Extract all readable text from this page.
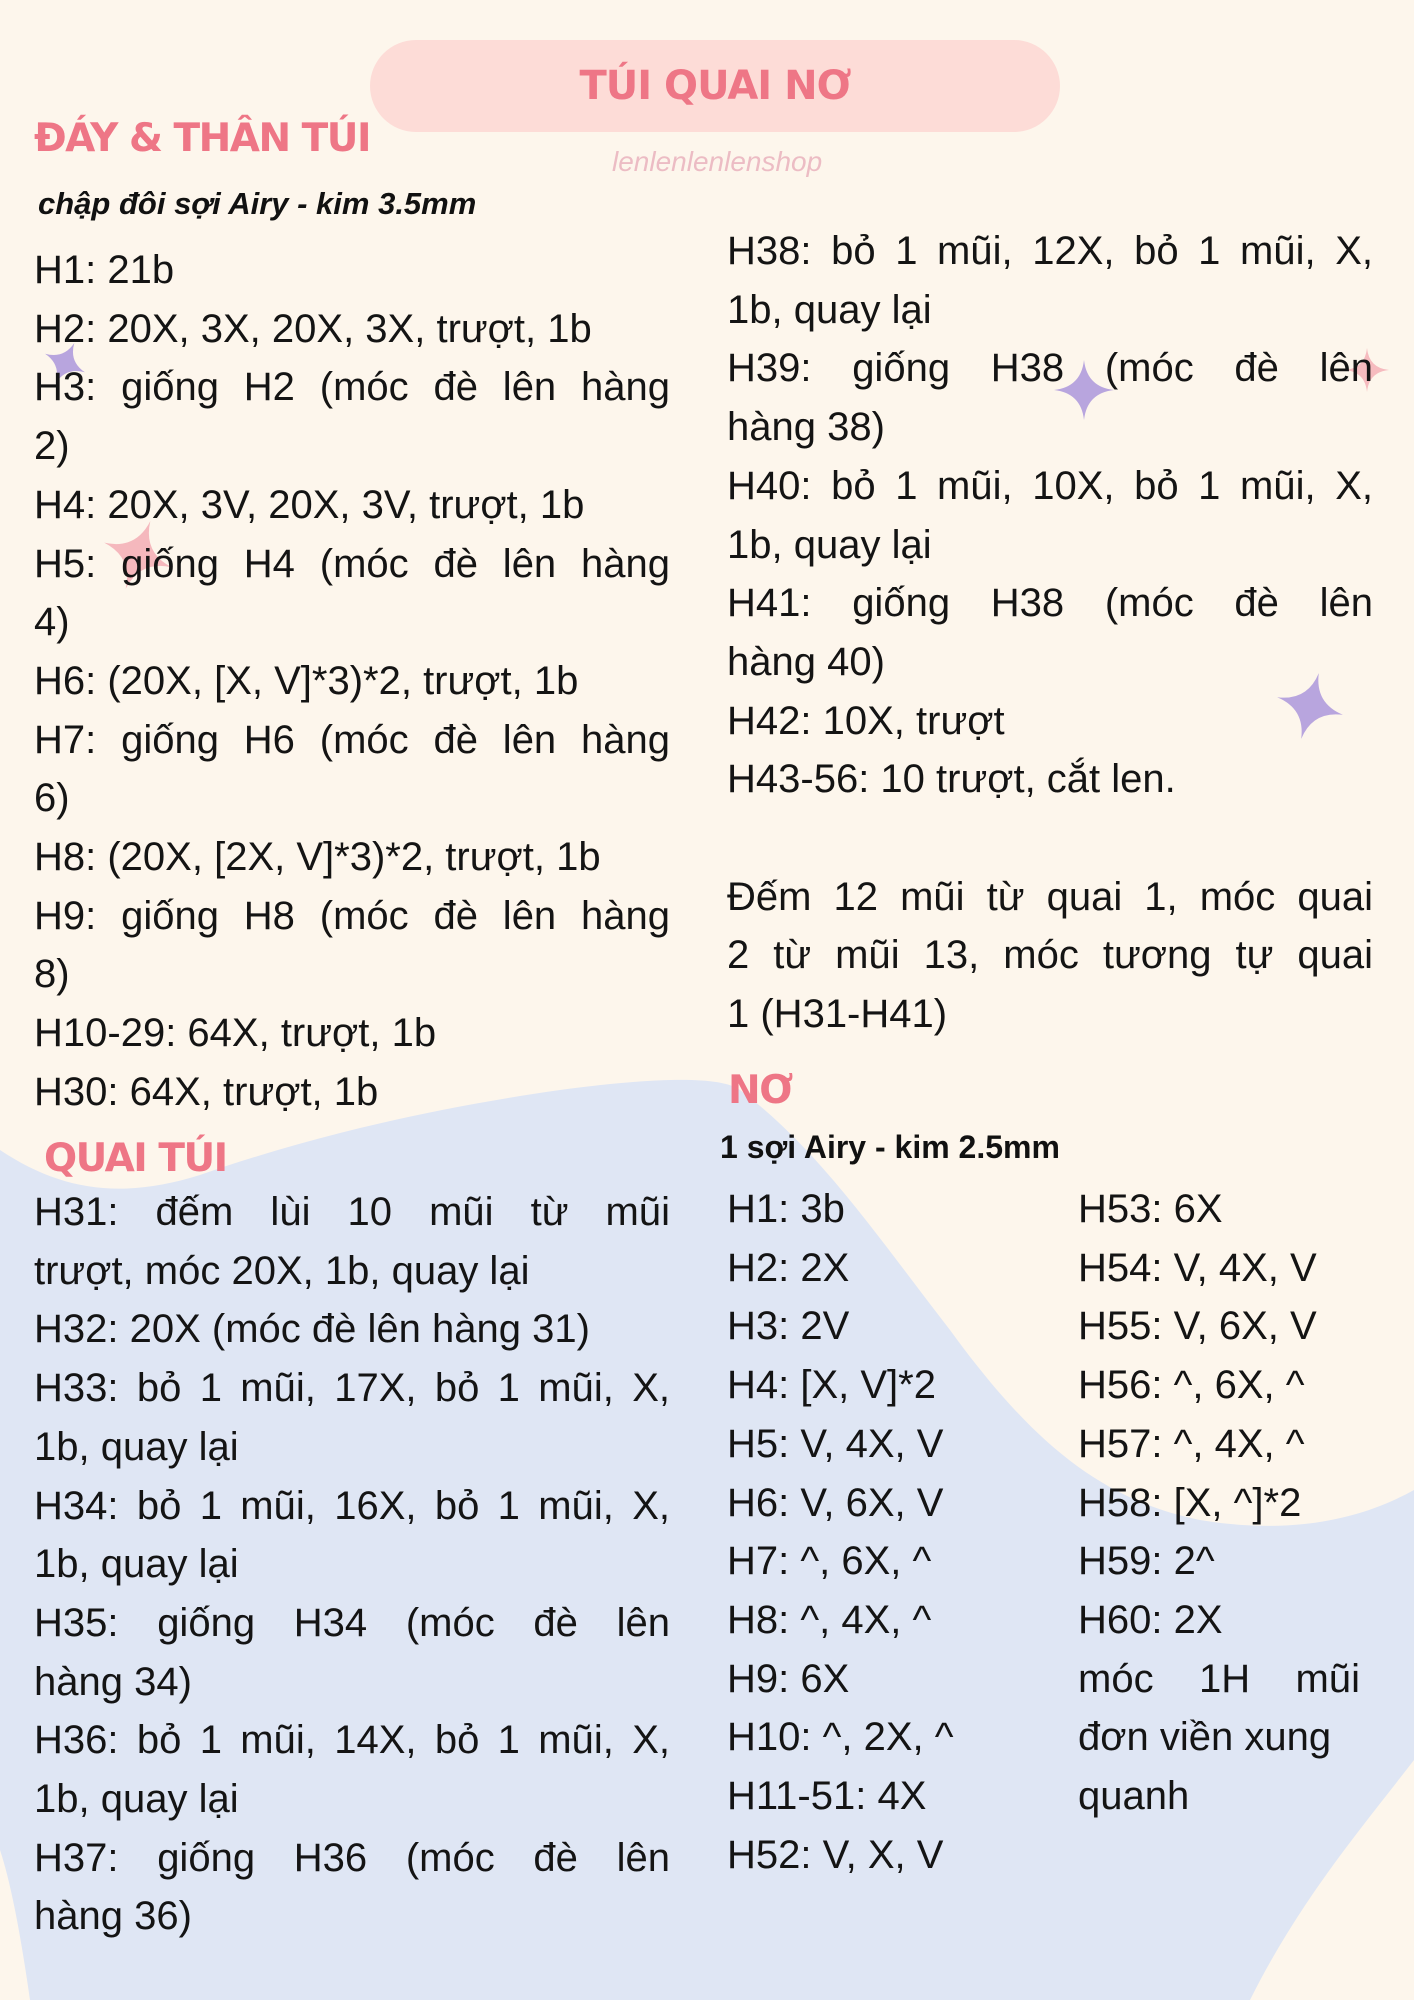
TÚI QUAI NƠ
lenlenlenlenshop
ĐÁY & THÂN TÚI
chập đôi sợi Airy - kim 3.5mm
H1: 21b
H2: 20X, 3X, 20X, 3X, trượt, 1b
H3: giống H2 (móc đè lên hàng
2)
H4: 20X, 3V, 20X, 3V, trượt, 1b
H5: giống H4 (móc đè lên hàng
4)
H6: (20X, [X, V]*3)*2, trượt, 1b
H7: giống H6 (móc đè lên hàng
6)
H8: (20X, [2X, V]*3)*2, trượt, 1b
H9: giống H8 (móc đè lên hàng
8)
H10-29: 64X, trượt, 1b
H30: 64X, trượt, 1b
QUAI TÚI
H31: đếm lùi 10 mũi từ mũi
trượt, móc 20X, 1b, quay lại
H32: 20X (móc đè lên hàng 31)
H33: bỏ 1 mũi, 17X, bỏ 1 mũi, X,
1b, quay lại
H34: bỏ 1 mũi, 16X, bỏ 1 mũi, X,
1b, quay lại
H35: giống H34 (móc đè lên
hàng 34)
H36: bỏ 1 mũi, 14X, bỏ 1 mũi, X,
1b, quay lại
H37: giống H36 (móc đè lên
hàng 36)
H38: bỏ 1 mũi, 12X, bỏ 1 mũi, X,
1b, quay lại
H39: giống H38 (móc đè lên
hàng 38)
H40: bỏ 1 mũi, 10X, bỏ 1 mũi, X,
1b, quay lại
H41: giống H38 (móc đè lên
hàng 40)
H42: 10X, trượt
H43-56: 10 trượt, cắt len.
Đếm 12 mũi từ quai 1, móc quai
2 từ mũi 13, móc tương tự quai
1 (H31-H41)
NƠ
1 sợi Airy - kim 2.5mm
H1: 3b
H2: 2X
H3: 2V
H4: [X, V]*2
H5: V, 4X, V
H6: V, 6X, V
H7: ^, 6X, ^
H8: ^, 4X, ^
H9: 6X
H10: ^, 2X, ^
H11-51: 4X
H52: V, X, V
H53: 6X
H54: V, 4X, V
H55: V, 6X, V
H56: ^, 6X, ^
H57: ^, 4X, ^
H58: [X, ^]*2
H59: 2^
H60: 2X
móc 1H mũi
đơn viền xung
quanh
